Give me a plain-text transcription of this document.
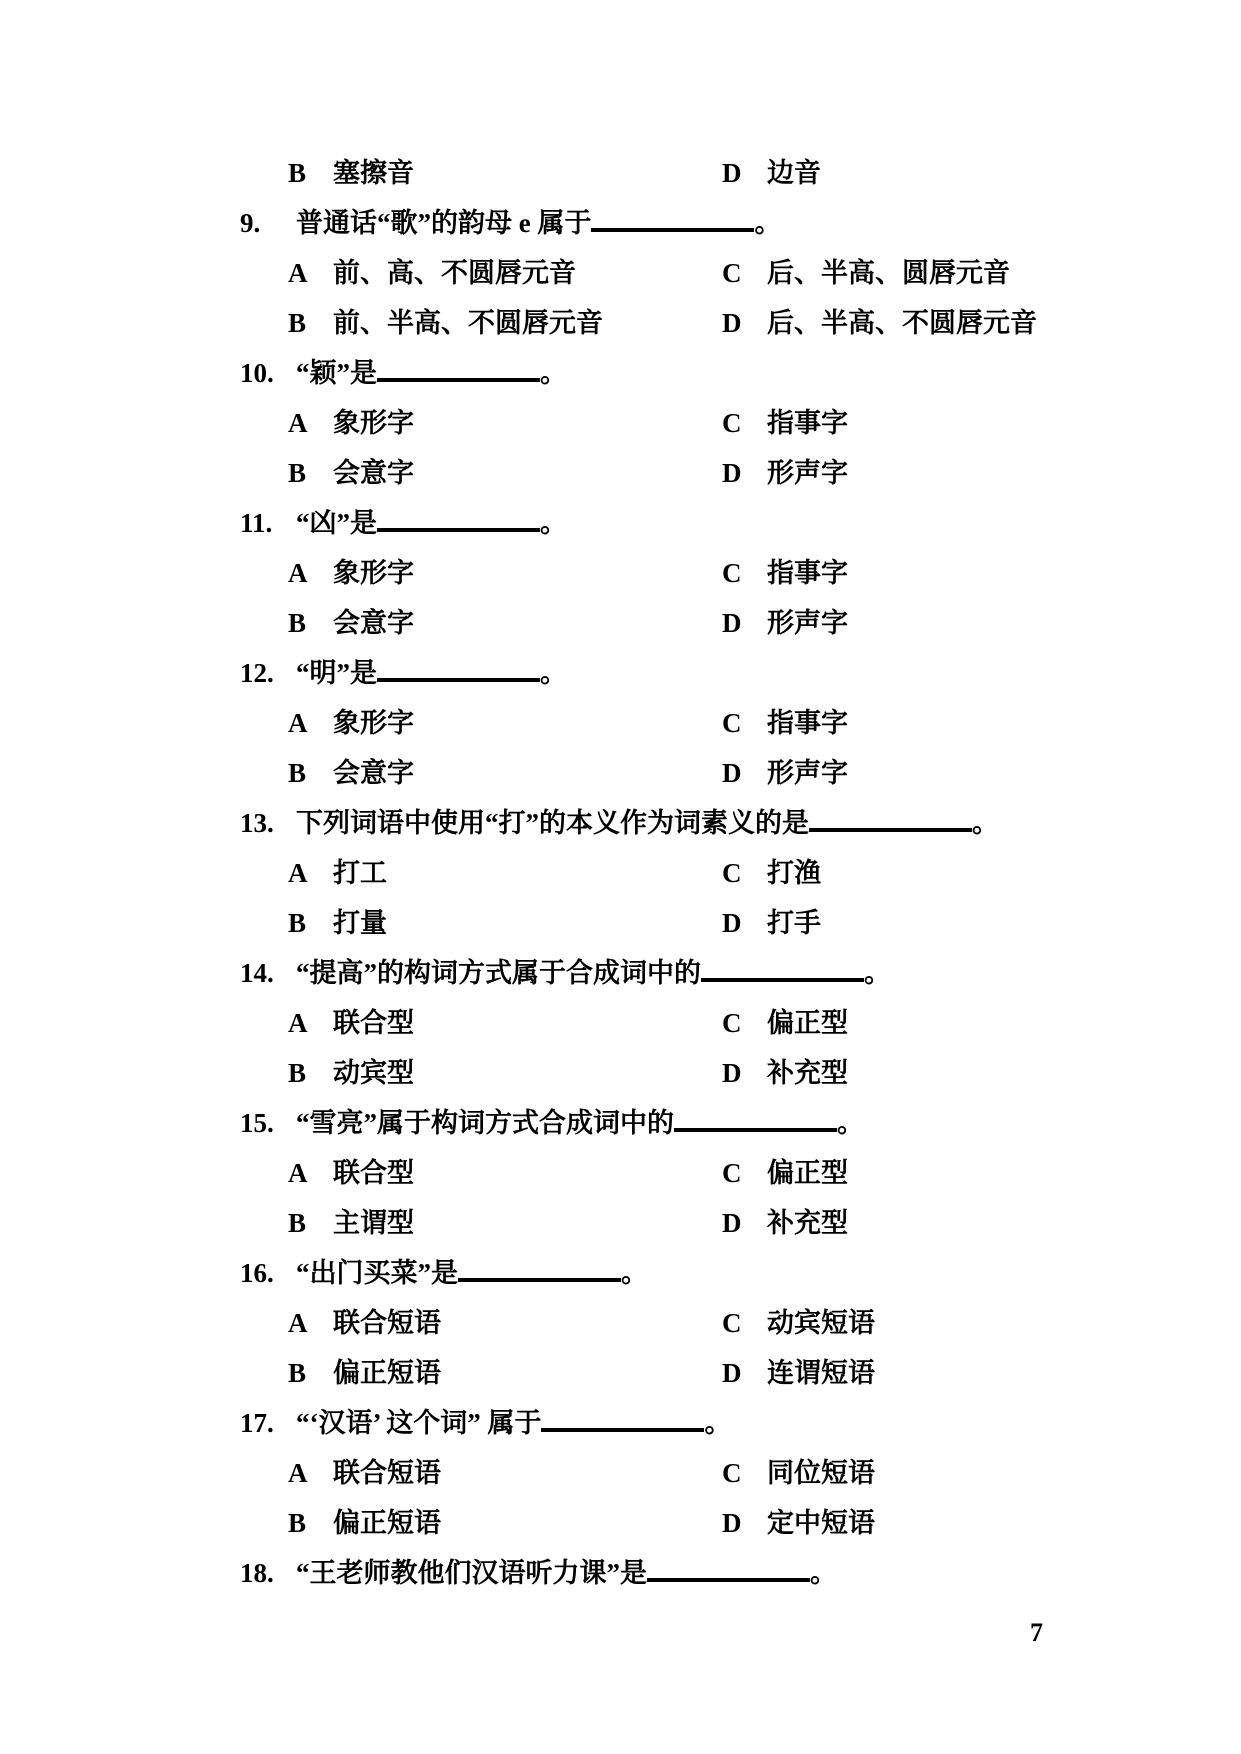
B 塞擦音	D 边音
9. 普通话“歌”的韵母 e 属于	。
A 前、高、不圆唇元音	C 后、半高、圆唇元音
B 前、半高、不圆唇元音	D 后、半高、不圆唇元音
10. “颖”是	。
A 象形字	C 指事字
B 会意字	D 形声字
11. “凶”是	。
A 象形字	C 指事字
B 会意字	D 形声字
12. “明”是	。
A 象形字	C 指事字
B 会意字	D 形声字
13. 下列词语中使用“打”的本义作为词素义的是	。
A 打工	C 打渔
B 打量	D 打手
14. “提高”的构词方式属于合成词中的	。
A 联合型	C 偏正型
B 动宾型	D 补充型
15. “雪亮”属于构词方式合成词中的	。
A 联合型	C 偏正型
B 主谓型	D 补充型
16. “出门买菜”是	。
A 联合短语	C 动宾短语
B 偏正短语	D 连谓短语
17. “‘汉语’ 这个词” 属于	。
A 联合短语	C 同位短语
B 偏正短语	D 定中短语
18. “王老师教他们汉语听力课”是	。
7
